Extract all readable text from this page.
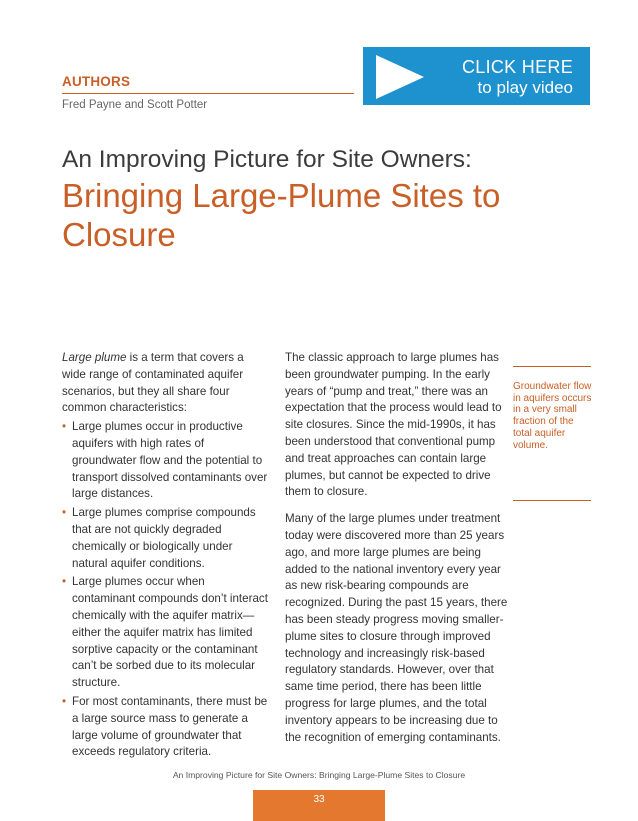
AUTHORS
Fred Payne and Scott Potter
CLICK HERE
to play video
An Improving Picture for Site Owners:
Bringing Large-Plume Sites to Closure

Large plume is a term that covers a wide range of contaminated aquifer scenarios, but they all share four common characteristics:

• Large plumes occur in productive aquifers with high rates of groundwater flow and the potential to transport dissolved contaminants over large distances.
• Large plumes comprise compounds that are not quickly degraded chemically or biologically under natural aquifer conditions.
• Large plumes occur when contaminant compounds don’t interact chemically with the aquifer matrix— either the aquifer matrix has limited sorptive capacity or the contaminant can’t be sorbed due to its molecular structure.
• For most contaminants, there must be a large source mass to generate a large volume of groundwater that exceeds regulatory criteria.

The classic approach to large plumes has been groundwater pumping. In the early years of “pump and treat,” there was an expectation that the process would lead to site closures. Since the mid-1990s, it has been understood that conventional pump and treat approaches can contain large plumes, but cannot be expected to drive them to closure.

Many of the large plumes under treatment today were discovered more than 25 years ago, and more large plumes are being added to the national inventory every year as new risk-bearing compounds are recognized. During the past 15 years, there has been steady progress moving smaller-plume sites to closure through improved technology and increasingly risk-based regulatory standards. However, over that same time period, there has been little progress for large plumes, and the total inventory appears to be increasing due to the recognition of emerging contaminants.

Groundwater flow in aquifers occurs in a very small fraction of the total aquifer volume.
An Improving Picture for Site Owners: Bringing Large-Plume Sites to Closure
33
